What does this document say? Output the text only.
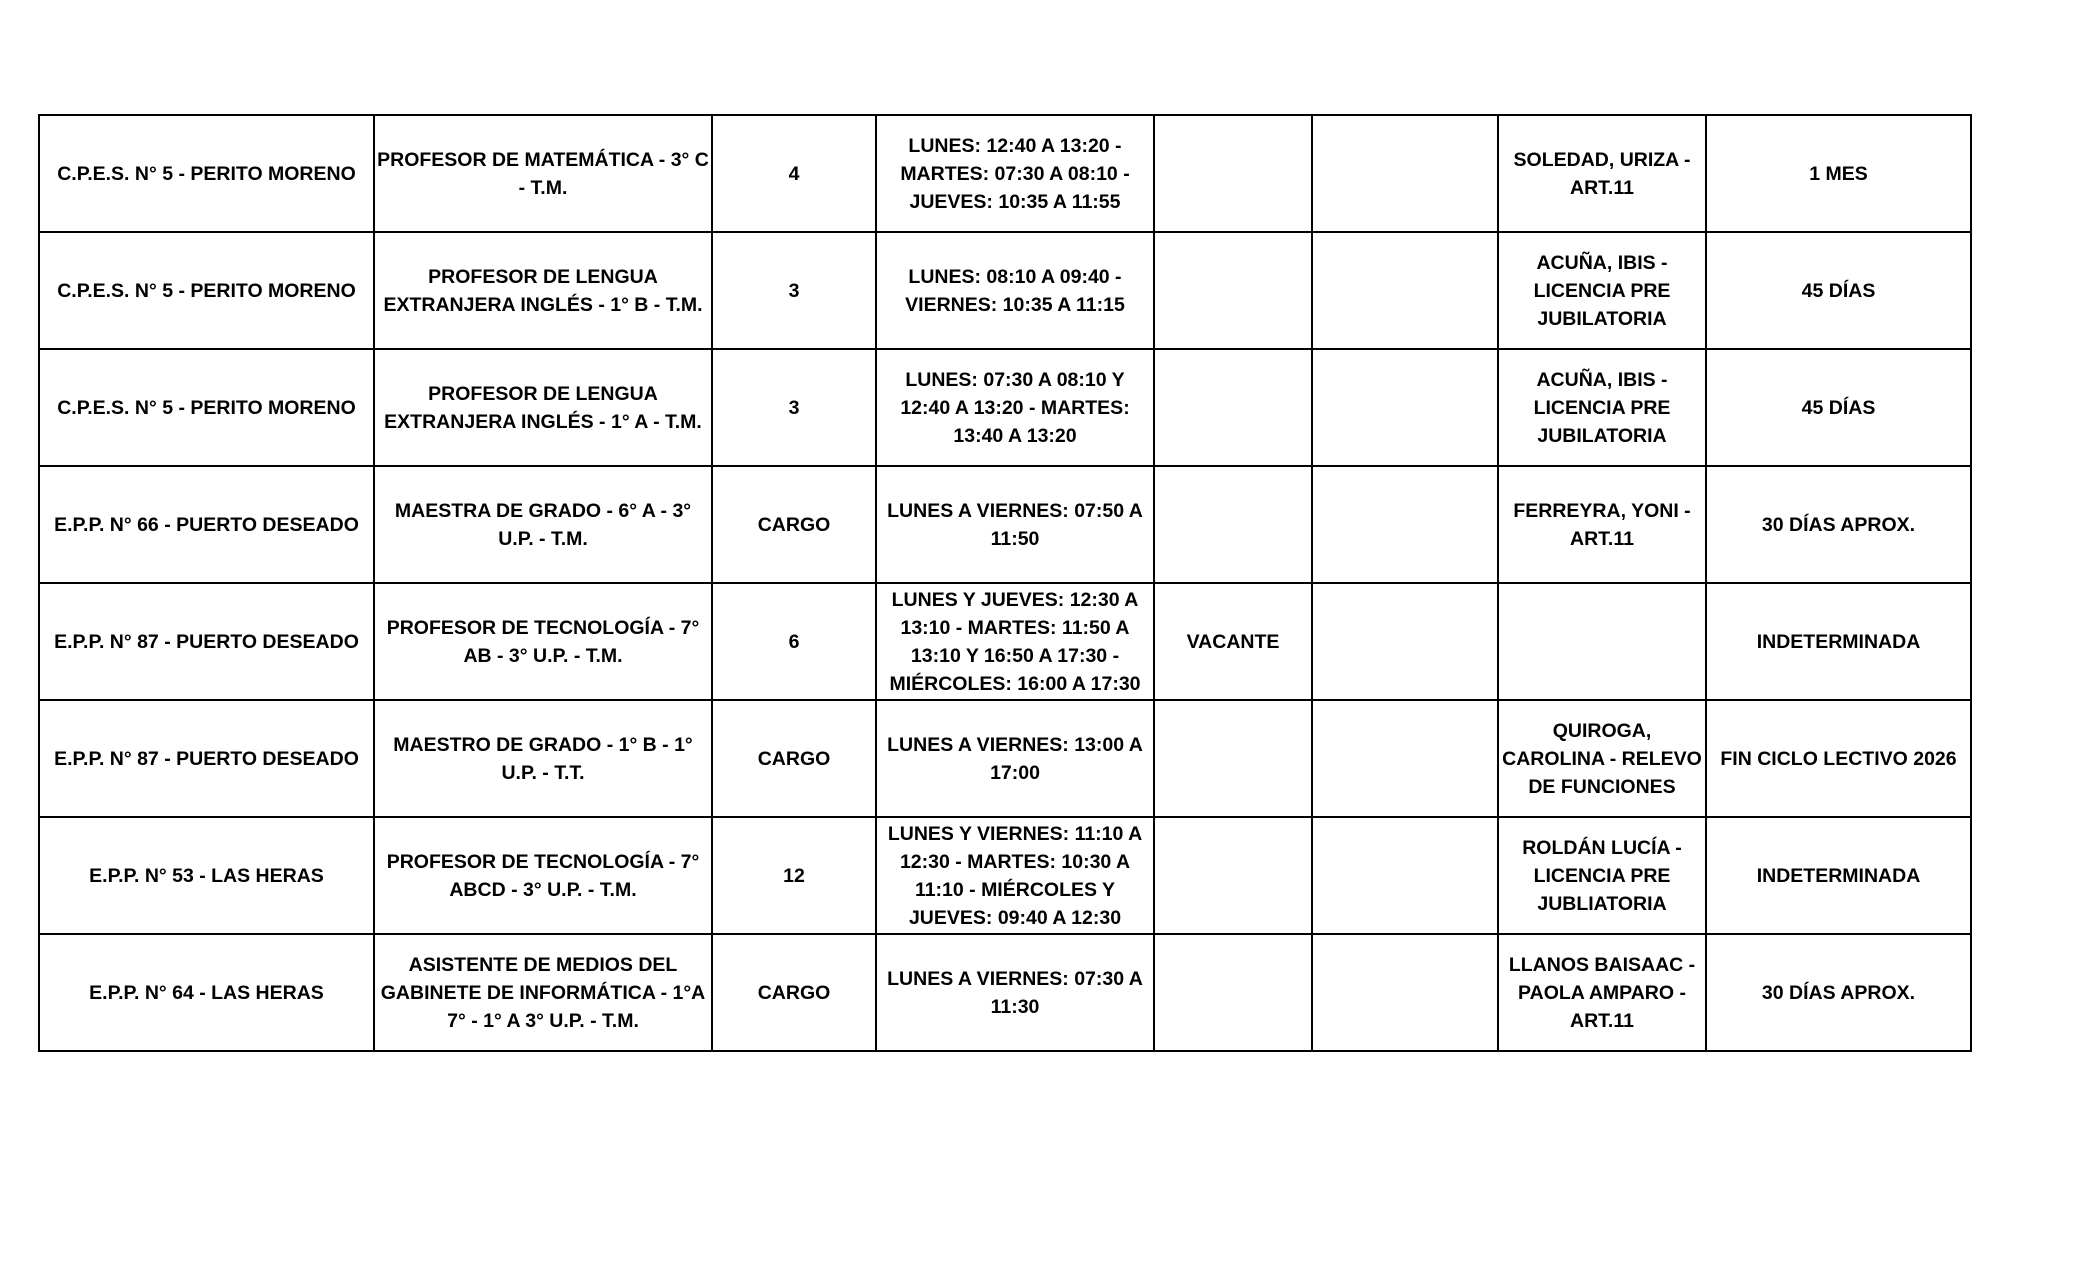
C.P.E.S. N° 5 - PERITO MORENO	PROFESOR DE MATEMÁTICA - 3° C - T.M.	4	LUNES: 12:40 A 13:20 - MARTES: 07:30 A 08:10 - JUEVES: 10:35 A 11:55			SOLEDAD, URIZA - ART.11	1 MES
C.P.E.S. N° 5 - PERITO MORENO	PROFESOR DE LENGUA EXTRANJERA INGLÉS - 1° B - T.M.	3	LUNES: 08:10 A 09:40 - VIERNES: 10:35 A 11:15			ACUÑA, IBIS - LICENCIA PRE JUBILATORIA	45 DÍAS
C.P.E.S. N° 5 - PERITO MORENO	PROFESOR DE LENGUA EXTRANJERA INGLÉS - 1° A - T.M.	3	LUNES: 07:30 A 08:10 Y 12:40 A 13:20 - MARTES: 13:40 A 13:20			ACUÑA, IBIS - LICENCIA PRE JUBILATORIA	45 DÍAS
E.P.P. N° 66 - PUERTO DESEADO	MAESTRA DE GRADO - 6° A - 3° U.P. - T.M.	CARGO	LUNES A VIERNES: 07:50 A 11:50			FERREYRA, YONI - ART.11	30 DÍAS APROX.
E.P.P. N° 87 - PUERTO DESEADO	PROFESOR DE TECNOLOGÍA - 7° AB - 3° U.P. - T.M.	6	LUNES Y JUEVES: 12:30 A 13:10 - MARTES: 11:50 A 13:10 Y 16:50 A 17:30 - MIÉRCOLES: 16:00 A 17:30	VACANTE			INDETERMINADA
E.P.P. N° 87 - PUERTO DESEADO	MAESTRO DE GRADO - 1° B - 1° U.P. - T.T.	CARGO	LUNES A VIERNES: 13:00 A 17:00			QUIROGA, CAROLINA - RELEVO DE FUNCIONES	FIN CICLO LECTIVO 2026
E.P.P. N° 53 - LAS HERAS	PROFESOR DE TECNOLOGÍA - 7° ABCD - 3° U.P. - T.M.	12	LUNES Y VIERNES: 11:10 A 12:30 - MARTES: 10:30 A 11:10 - MIÉRCOLES Y JUEVES: 09:40 A 12:30			ROLDÁN LUCÍA - LICENCIA PRE JUBLIATORIA	INDETERMINADA
E.P.P. N° 64 - LAS HERAS	ASISTENTE DE MEDIOS DEL GABINETE DE INFORMÁTICA - 1°A 7° - 1° A 3° U.P. - T.M.	CARGO	LUNES A VIERNES: 07:30 A 11:30			LLANOS BAISAAC - PAOLA AMPARO - ART.11	30 DÍAS APROX.
